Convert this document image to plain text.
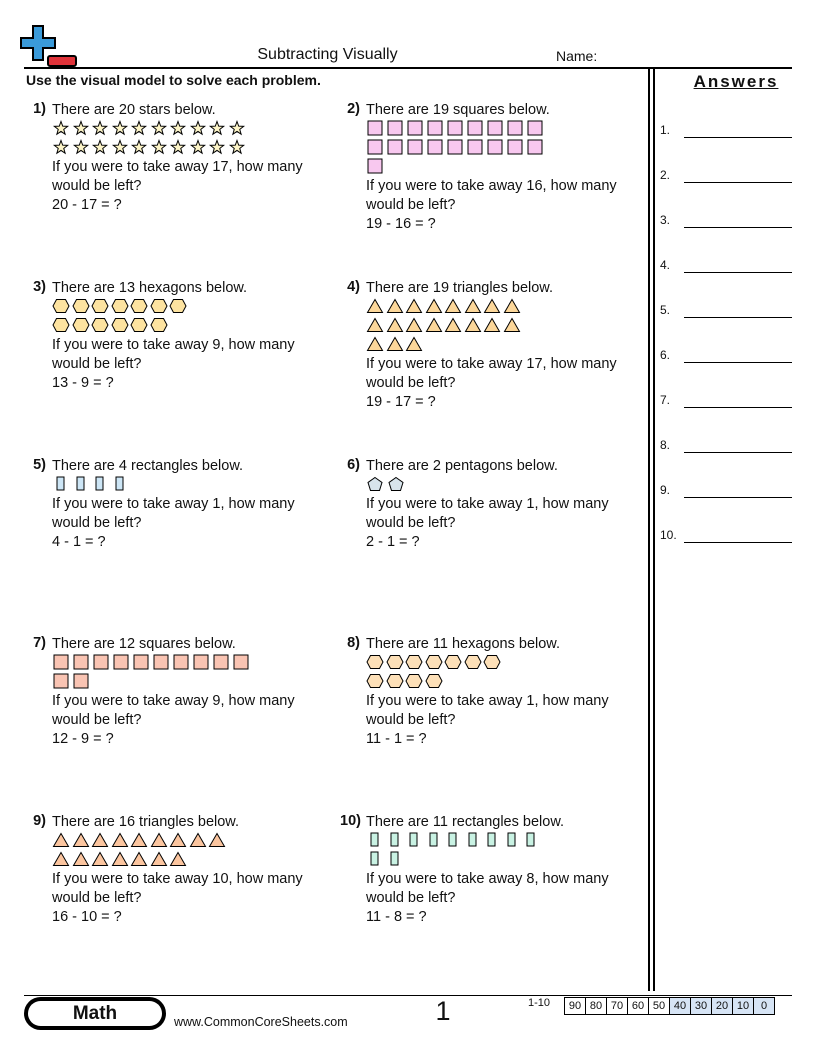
Subtracting Visually	Name:
Use the visual model to solve each problem.	Answers
1.
2.
3.
4.
5.
6.
7.
8.
9.
10.
1) There are 20 stars below.
If you were to take away 17, how many would be left?
20 - 17 = ?
2) There are 19 squares below.
If you were to take away 16, how many would be left?
19 - 16 = ?
3) There are 13 hexagons below.
If you were to take away 9, how many would be left?
13 - 9 = ?
4) There are 19 triangles below.
If you were to take away 17, how many would be left?
19 - 17 = ?
5) There are 4 rectangles below.
If you were to take away 1, how many would be left?
4 - 1 = ?
6) There are 2 pentagons below.
If you were to take away 1, how many would be left?
2 - 1 = ?
7) There are 12 squares below.
If you were to take away 9, how many would be left?
12 - 9 = ?
8) There are 11 hexagons below.
If you were to take away 1, how many would be left?
11 - 1 = ?
9) There are 16 triangles below.
If you were to take away 10, how many would be left?
16 - 10 = ?
10) There are 11 rectangles below.
If you were to take away 8, how many would be left?
11 - 8 = ?
Math	www.CommonCoreSheets.com	1	1-10	90 80 70 60 50 40 30 20 10	0
